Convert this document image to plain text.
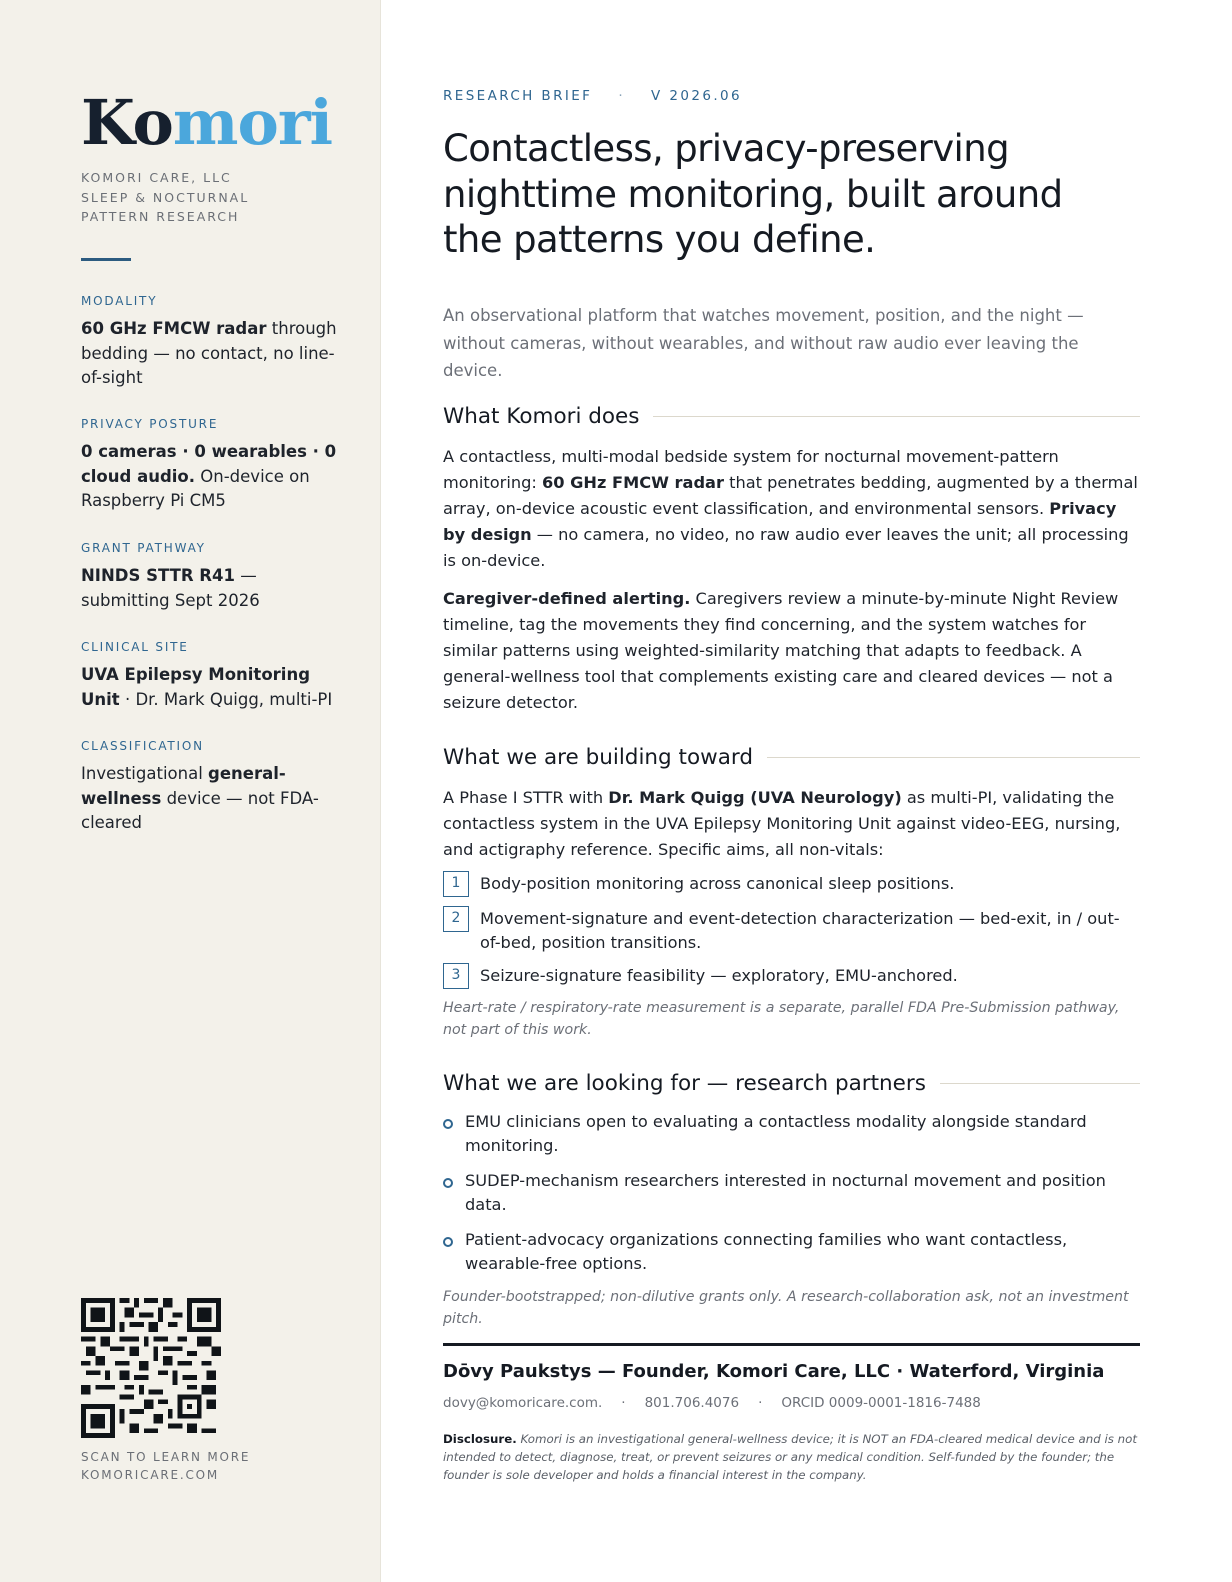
Komori
KOMORI CARE, LLC
SLEEP & NOCTURNAL
PATTERN RESEARCH
MODALITY
60 GHz FMCW radar through bedding — no contact, no line-of-sight
PRIVACY POSTURE
0 cameras · 0 wearables · 0 cloud audio. On-device on Raspberry Pi CM5
GRANT PATHWAY
NINDS STTR R41 — submitting Sept 2026
CLINICAL SITE
UVA Epilepsy Monitoring Unit · Dr. Mark Quigg, multi-PI
CLASSIFICATION
Investigational general-wellness device — not FDA-cleared
SCAN TO LEARN MORE
KOMORICARE.COM
RESEARCH BRIEF · V 2026.06
Contactless, privacy-preserving nighttime monitoring, built around the patterns you define.

An observational platform that watches movement, position, and the night — without cameras, without wearables, and without raw audio ever leaving the device.

What Komori does

A contactless, multi-modal bedside system for nocturnal movement-pattern monitoring: 60 GHz FMCW radar that penetrates bedding, augmented by a thermal array, on-device acoustic event classification, and environmental sensors. Privacy by design — no camera, no video, no raw audio ever leaves the unit; all processing is on-device.

Caregiver-defined alerting. Caregivers review a minute-by-minute Night Review timeline, tag the movements they find concerning, and the system watches for similar patterns using weighted-similarity matching that adapts to feedback. A general-wellness tool that complements existing care and cleared devices — not a seizure detector.

What we are building toward

A Phase I STTR with Dr. Mark Quigg (UVA Neurology) as multi-PI, validating the contactless system in the UVA Epilepsy Monitoring Unit against video-EEG, nursing, and actigraphy reference. Specific aims, all non-vitals:

1	Body-position monitoring across canonical sleep positions.
2	Movement-signature and event-detection characterization — bed-exit, in / out-of-bed, position transitions.
3	Seizure-signature feasibility — exploratory, EMU-anchored.

Heart-rate / respiratory-rate measurement is a separate, parallel FDA Pre-Submission pathway, not part of this work.

What we are looking for — research partners
EMU clinicians open to evaluating a contactless modality alongside standard monitoring.
SUDEP-mechanism researchers interested in nocturnal movement and position data.
Patient-advocacy organizations connecting families who want contactless, wearable-free options.

Founder-bootstrapped; non-dilutive grants only. A research-collaboration ask, not an investment pitch.

Dōvy Paukstys — Founder, Komori Care, LLC · Waterford, Virginia
dovy@komoricare.com. · 801.706.4076 · ORCID 0009-0001-1816-7488

Disclosure. Komori is an investigational general-wellness device; it is NOT an FDA-cleared medical device and is not intended to detect, diagnose, treat, or prevent seizures or any medical condition. Self-funded by the founder; the founder is sole developer and holds a financial interest in the company.
